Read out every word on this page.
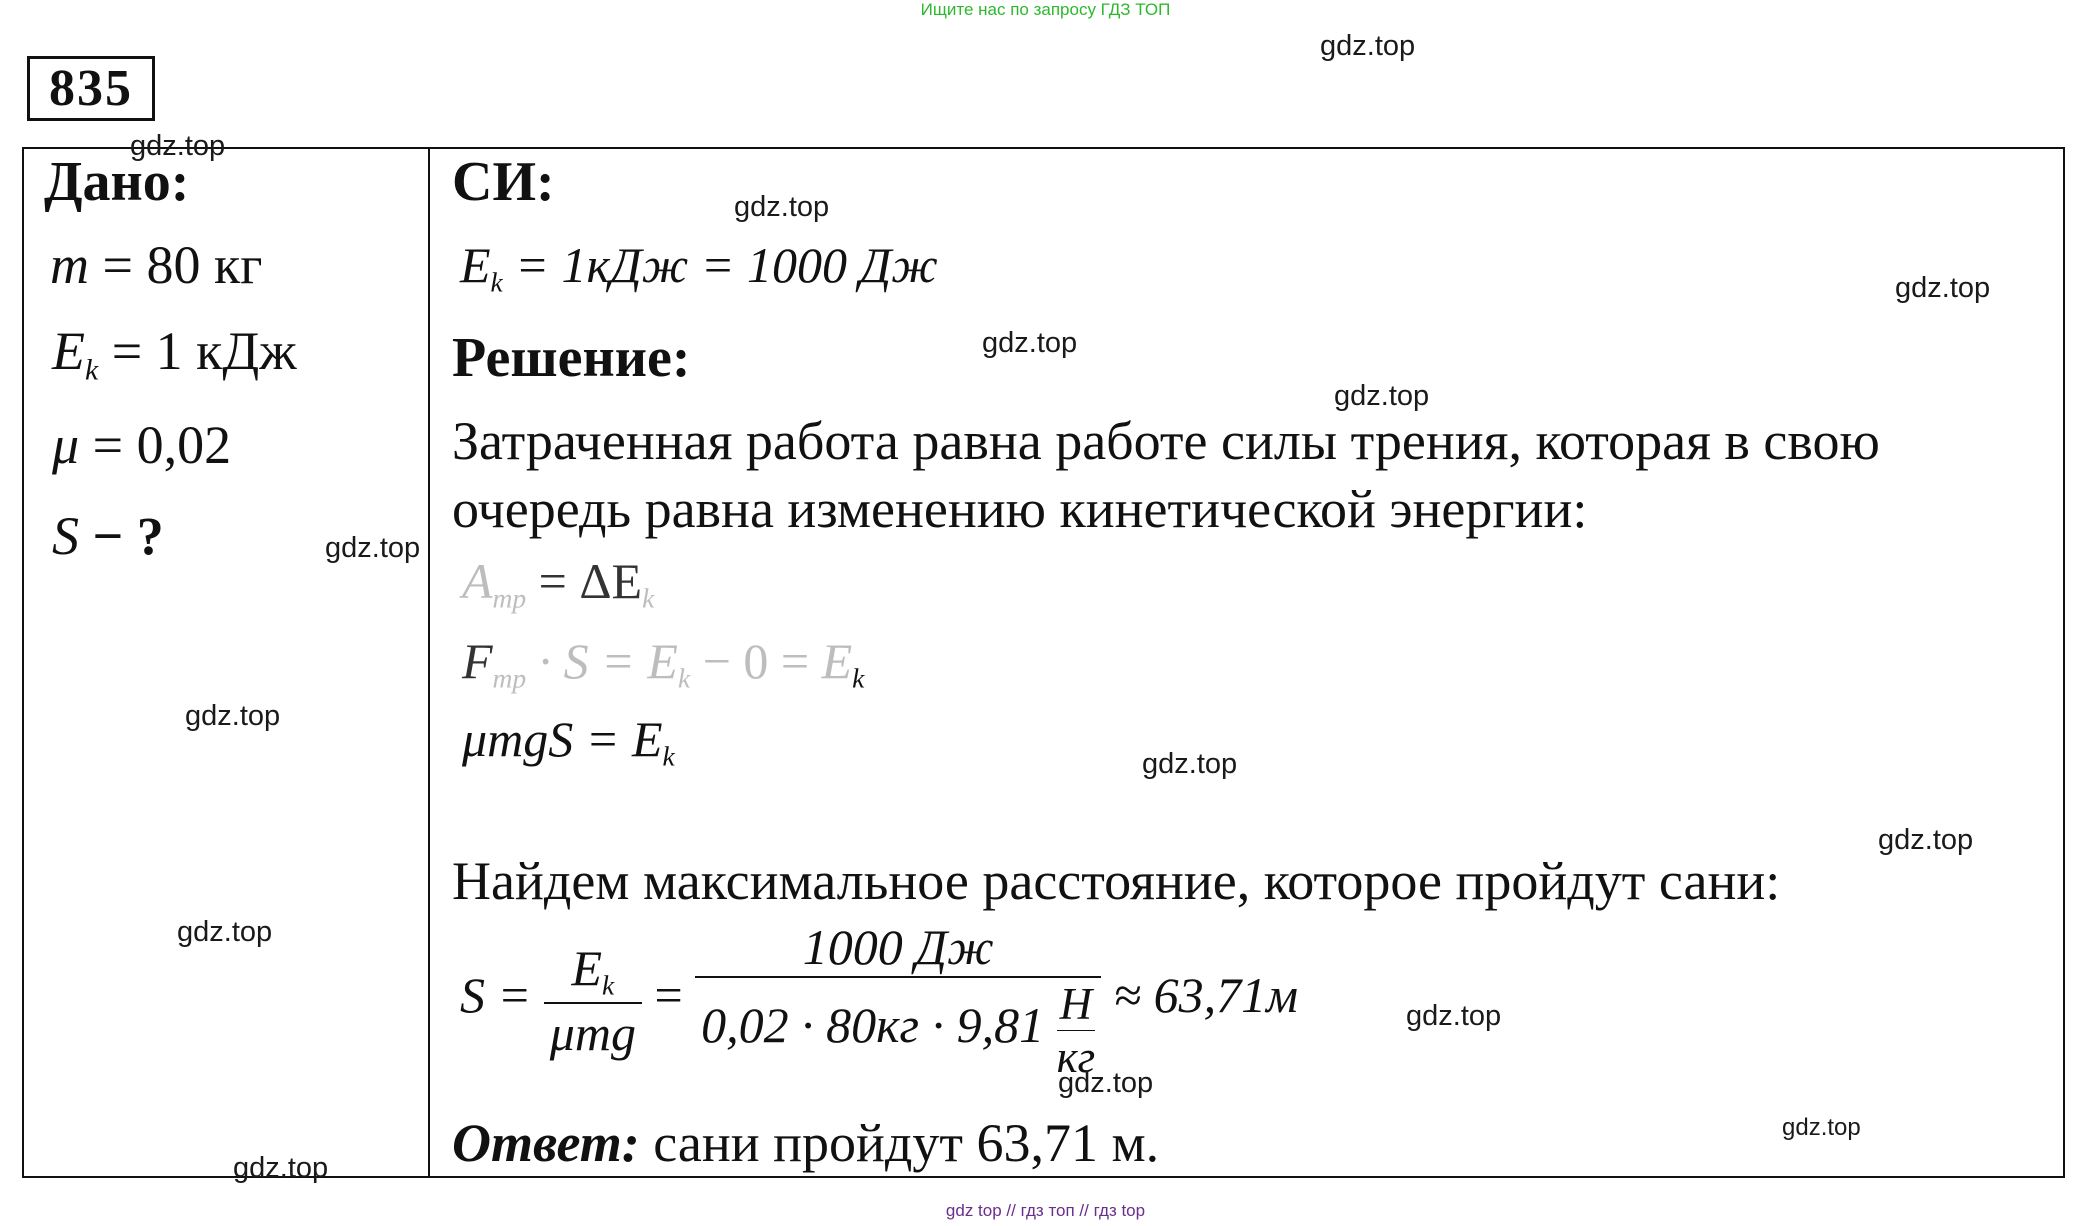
Ищите нас по запросу ГДЗ ТОП
835
Дано:
m = 80 кг
$E_k = 1$ кДж
μ = 0,02
S − ?
СИ:
$E_k = 1кДж = 1000$ Дж
Решение:
Затраченная работа равна работе силы трения, которая в свою
очередь равна изменению кинетической энергии:
$A_{тр} = \Delta E_k$
$F_{тр} \cdot S = E_k - 0 = E_k$
$\mu mgS = E_k$
Найдем максимальное расстояние, которое пройдут сани:
$S = \frac{E_k}{\text{μmg}} = 1000$ Дж
0,02 · 80кг · 9,81 Н
кг ≈ 63,71м
Ответ: сани пройдут 63,71 м.
gdz.top
gdz.top
gdz.top
gdz.top
gdz.top
gdz.top
gdz.top
gdz.top
gdz.top
gdz.top
gdz.top
gdz.top
gdz.top
gdz.top
gdz.top
gdz top // гдз топ // гдз top
